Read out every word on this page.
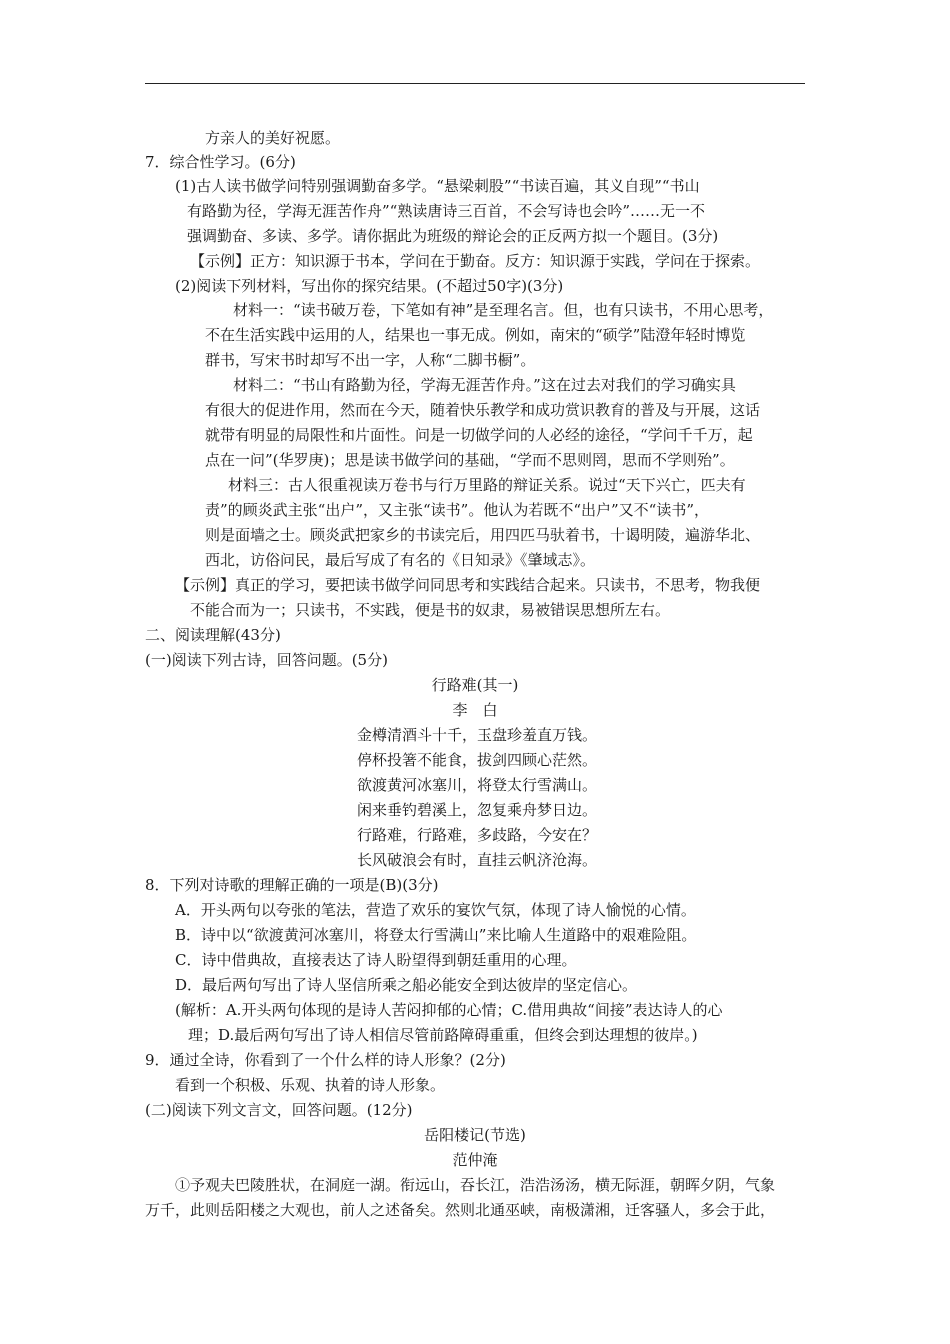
方亲人的美好祝愿。
7．综合性学习。(6分)
(1)古人读书做学问特别强调勤奋多学。“悬梁刺股”“书读百遍，其义自现”“书山
有路勤为径，学海无涯苦作舟”“熟读唐诗三百首，不会写诗也会吟”……无一不
强调勤奋、多读、多学。请你据此为班级的辩论会的正反两方拟一个题目。(3分)
【示例】正方：知识源于书本，学问在于勤奋。反方：知识源于实践，学问在于探索。
(2)阅读下列材料，写出你的探究结果。(不超过50字)(3分)
材料一：“读书破万卷，下笔如有神”是至理名言。但，也有只读书，不用心思考，
不在生活实践中运用的人，结果也一事无成。例如，南宋的“硕学”陆澄年轻时博览
群书，写宋书时却写不出一字，人称“二脚书橱”。
材料二：“书山有路勤为径，学海无涯苦作舟。”这在过去对我们的学习确实具
有很大的促进作用，然而在今天，随着快乐教学和成功赏识教育的普及与开展，这话
就带有明显的局限性和片面性。问是一切做学问的人必经的途径，“学问千千万，起
点在一问”(华罗庚)；思是读书做学问的基础，“学而不思则罔，思而不学则殆”。
材料三：古人很重视读万卷书与行万里路的辩证关系。说过“天下兴亡，匹夫有
责”的顾炎武主张“出户”，又主张“读书”。他认为若既不“出户”又不“读书”，
则是面墙之士。顾炎武把家乡的书读完后，用四匹马驮着书，十谒明陵，遍游华北、
西北，访俗问民，最后写成了有名的《日知录》《肇域志》。
【示例】真正的学习，要把读书做学问同思考和实践结合起来。只读书，不思考，物我便
不能合而为一；只读书，不实践，便是书的奴隶，易被错误思想所左右。
二、阅读理解(43分)
(一)阅读下列古诗，回答问题。(5分)
行路难(其一)
李　白
金樽清酒斗十千，玉盘珍羞直万钱。
停杯投箸不能食，拔剑四顾心茫然。
欲渡黄河冰塞川，将登太行雪满山。
闲来垂钓碧溪上，忽复乘舟梦日边。
行路难，行路难，多歧路，今安在？
长风破浪会有时，直挂云帆济沧海。
8．下列对诗歌的理解正确的一项是(B)(3分)
A．开头两句以夸张的笔法，营造了欢乐的宴饮气氛，体现了诗人愉悦的心情。
B．诗中以“欲渡黄河冰塞川，将登太行雪满山”来比喻人生道路中的艰难险阻。
C．诗中借典故，直接表达了诗人盼望得到朝廷重用的心理。
D．最后两句写出了诗人坚信所乘之船必能安全到达彼岸的坚定信心。
(解析：A.开头两句体现的是诗人苦闷抑郁的心情；C.借用典故“间接”表达诗人的心
理；D.最后两句写出了诗人相信尽管前路障碍重重，但终会到达理想的彼岸。)
9．通过全诗，你看到了一个什么样的诗人形象？(2分)
看到一个积极、乐观、执着的诗人形象。
(二)阅读下列文言文，回答问题。(12分)
岳阳楼记(节选)
范仲淹
①予观夫巴陵胜状，在洞庭一湖。衔远山，吞长江，浩浩汤汤，横无际涯，朝晖夕阴，气象
万千，此则岳阳楼之大观也，前人之述备矣。然则北通巫峡，南极潇湘，迁客骚人，多会于此，
